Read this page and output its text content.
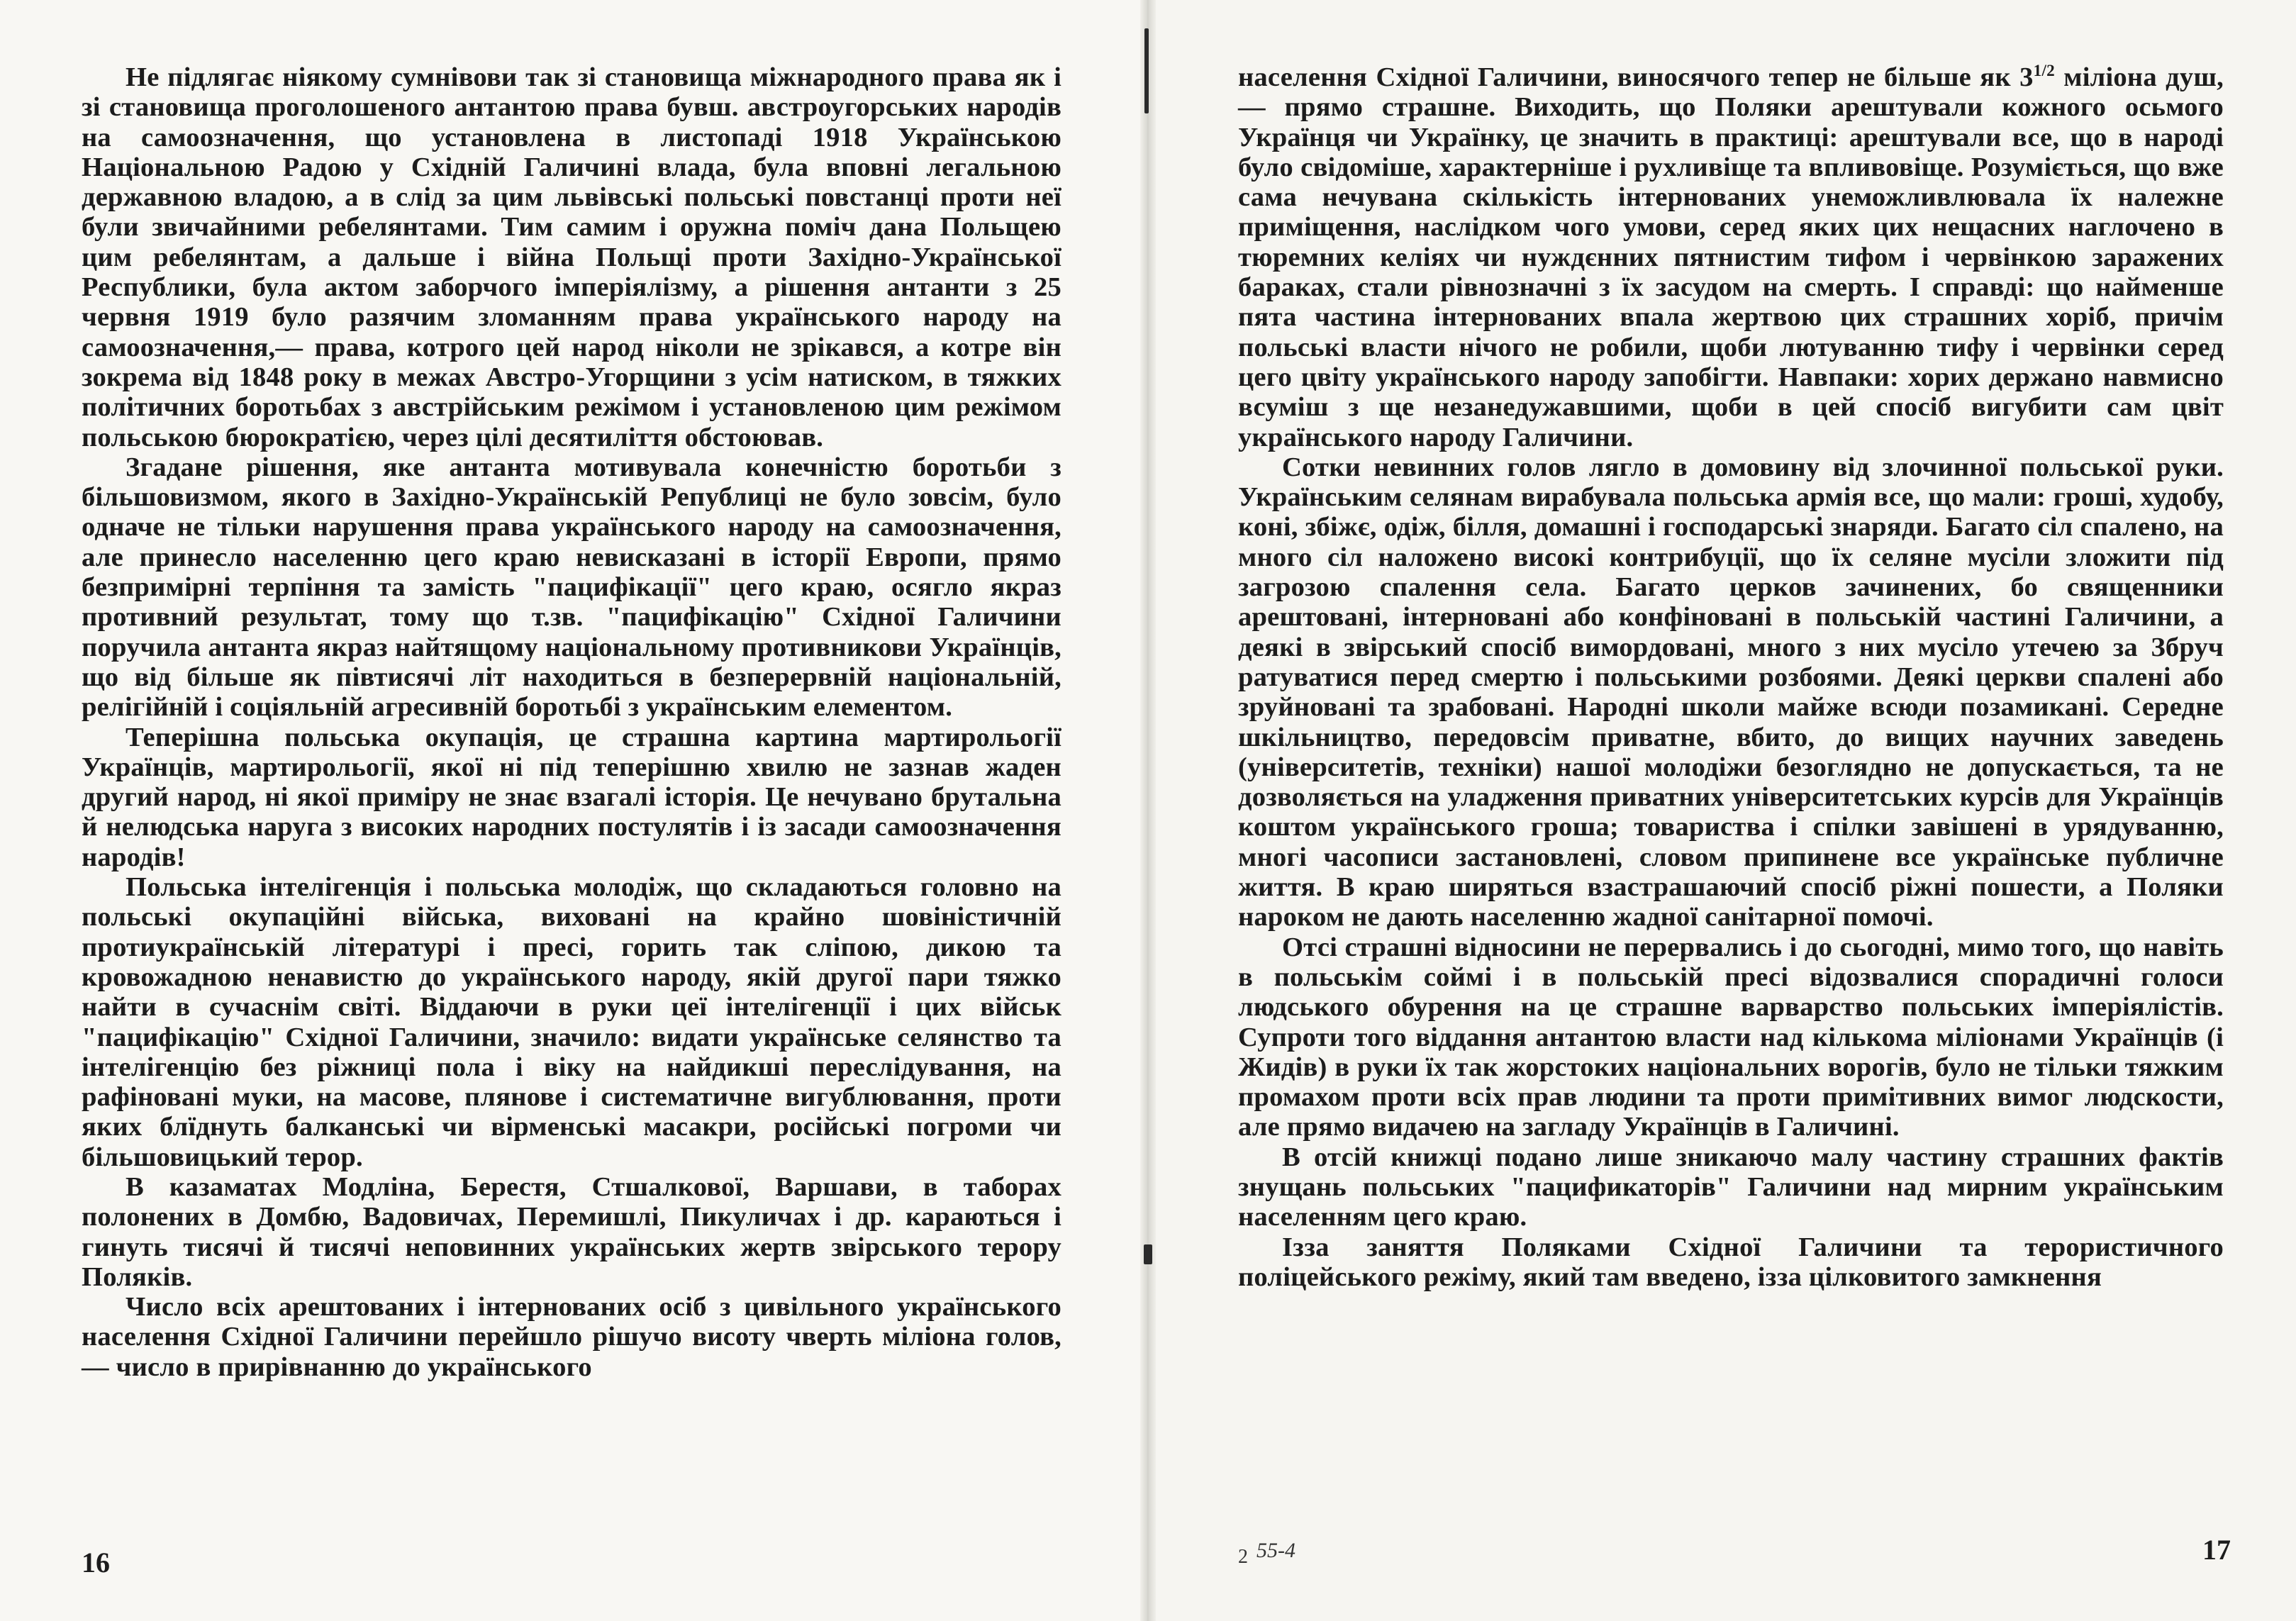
Не підлягає ніякому сумнівови так зі становища міжнародного права як і зі становища проголошеного антантою права бувш. австроугорських народів на самоозначення, що установлена в листопаді 1918 Українською Національною Радою у Східній Галичині влада, була вповні легальною державною владою, а в слід за цим львівські польські повстанці проти неї були звичайними ребелянтами. Тим самим і оружна поміч дана Польщею цим ребелянтам, а дальше і війна Польщі проти Західно-Української Республики, була актом заборчого імперіялізму, а рішення антанти з 25 червня 1919 було разячим зломанням права українського народу на самоозначення,— права, котрого цей народ ніколи не зрікався, а котре він зокрема від 1848 року в межах Австро-Угорщини з усім натиском, в тяжких політичних боротьбах з австрійським режімом і установленою цим режімом польською бюрократією, через цілі десятиліття обстоював.

Згадане рішення, яке антанта мотивувала конечністю боротьби з більшовизмом, якого в Західно-Українській Републиці не було зовсім, було одначе не тільки нарушення права українського народу на самоозначення, але принесло населенню цего краю невисказані в історії Европи, прямо безпримірні терпіння та замість "пацифікації" цего краю, осягло якраз противний результат, тому що т.зв. "пацифікацію" Східної Галичини поручила антанта якраз найтящому національному противникови Українців, що від більше як півтисячі літ находиться в безперервній національній, релігійній і соціяльній агресивній боротьбі з українським елементом.

Теперішна польська окупація, це страшна картина мартирольогії Українців, мартирольогії, якої ні під теперішню хвилю не зазнав жаден другий народ, ні якої приміру не знає взагалі історія. Це нечувано брутальна й нелюдська наруга з високих народних постулятів і із засади самоозначення народів!

Польська інтелігенція і польська молодіж, що складаються головно на польські окупаційні війська, виховані на крайно шовіністичній протиукраїнській літературі і пресі, горить так сліпою, дикою та кровожадною ненавистю до українського народу, якій другої пари тяжко найти в сучаснім світі. Віддаючи в руки цеї інтелігенції і цих військ "пацифікацію" Східної Галичини, значило: видати українське селянство та інтелігенцію без ріжниці пола і віку на найдикші переслідування, на рафіновані муки, на масове, плянове і систематичне вигублювання, проти яких блїднуть балканські чи вірменські масакри, російські погроми чи більшовицький терор.

В казаматах Модліна, Берестя, Стшалкової, Варшави, в таборах полонених в Домбю, Вадовичах, Перемишлі, Пикуличах і др. караються і гинуть тисячі й тисячі неповинних українських жертв звірського терору Поляків.

Число всіх арештованих і інтернованих осіб з цивільного українського населення Східної Галичини перейшло рішучо висоту чверть міліона голов,— число в прирівнанню до українського

16

населення Східної Галичини, виносячого тепер не більше як $3^{1/2}$ міліона душ,— прямо страшне. Виходить, що Поляки арештували кожного осьмого Українця чи Українку, це значить в практиці: арештували все, що в народі було свідоміше, характерніше і рухливіще та впливовіще. Розуміється, що вже сама нечувана скількість інтернованих унеможливлювала їх належне приміщення, наслідком чого умови, серед яких цих нещасних наглочено в тюремних келіях чи нуждєнних пятнистим тифом і червінкою заражених бараках, стали рівнозначні з їх засудом на смерть. І справді: що найменше пята частина інтернованих впала жертвою цих страшних хоріб, причім польські власти нічого не робили, щоби лютуванню тифу і червінки серед цего цвіту українського народу запобігти. Навпаки: хорих держано навмисно всуміш з ще незанедужавшими, щоби в цей спосіб вигубити сам цвіт українського народу Галичини.

Сотки невинних голов лягло в домовину від злочинної польської руки. Українським селянам вирабувала польська армія все, що мали: гроші, худобу, коні, збіжє, одіж, білля, домашні і господарські знаряди. Багато сіл спалено, на много сіл наложено високі контрибуції, що їх селяне мусіли зложити під загрозою спалення села. Багато церков зачинених, бо священники арештовані, інтерновані або конфіновані в польській частині Галичини, а деякі в звірський спосіб вимордовані, много з них мусіло утечею за Збруч ратуватися перед смертю і польськими розбоями. Деякі церкви спалені або зруйновані та зрабовані. Народні школи майже всюди позамикані. Середне шкільництво, передовсім приватне, вбито, до вищих научних заведень (університетів, техніки) нашої молодіжи безоглядно не допускається, та не дозволяється на уладження приватних університетських курсів для Українців коштом українського гроша; товариства і спілки завішені в урядуванню, многі часописи застановлені, словом припинене все українське публичне життя. В краю ширяться взастрашаючий спосіб ріжні пошести, а Поляки нароком не дають населенню жадної санітарної помочі.

Отсі страшні відносини не перервались і до сьогодні, мимо того, що навіть в польськім соймі і в польській пресі відозвалися спорадичні голоси людського обурення на це страшне варварство польських імперіялістів. Супроти того віддання антантою власти над кількома міліонами Українців (і Жидів) в руки їх так жорстоких національних ворогів, було не тільки тяжким промахом проти всіх прав людини та проти примітивних вимог людскости, але прямо видачею на загладу Українців в Галичині.

В отсій книжці подано лише зникаючо малу частину страшних фактів знущань польських "пацификаторів" Галичини над мирним українським населенням цего краю.

Ізза заняття Поляками Східної Галичини та терористичного поліцейського режіму, який там введено, ізза цілковитого замкнення

2 55-4	17
